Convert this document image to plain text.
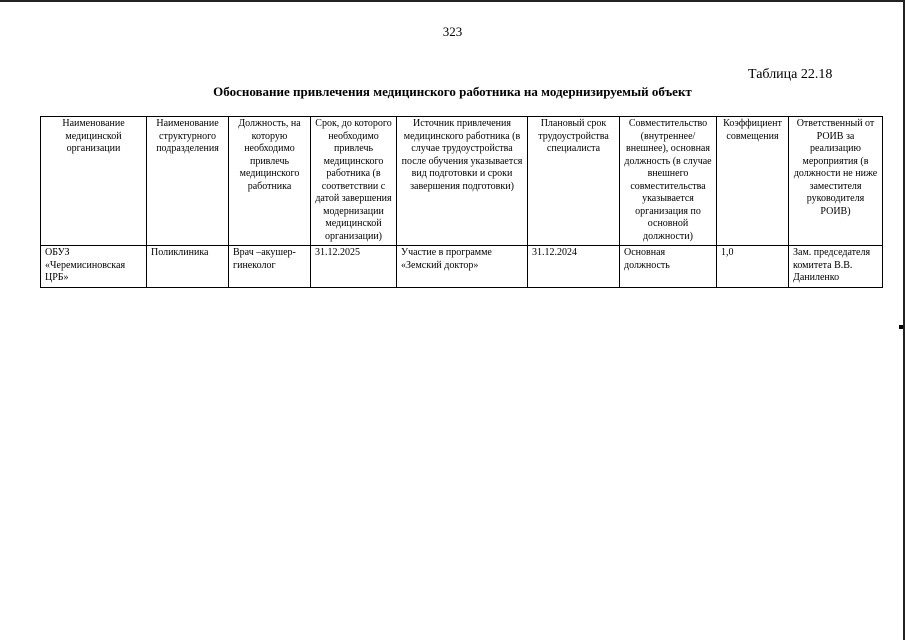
323
Таблица 22.18
Обоснование привлечения медицинского работника на модернизируемый объект
Наименование медицинской организации	Наименование структурного подразделения	Должность, на которую необходимо привлечь медицинского работника	Срок, до которого необходимо привлечь медицинского работника (в соответствии с датой завершения модернизации медицинской организации)	Источник привлечения медицинского работника (в случае трудоустройства после обучения указывается вид подготовки и сроки завершения подготовки)	Плановый срок трудоустройства специалиста	Совместительство (внутреннее/внешнее), основная должность (в случае внешнего совместительства указывается организация по основной должности)	Коэффициент совмещения	Ответственный от РОИВ за реализацию мероприятия (в должности не ниже заместителя руководителя РОИВ)
ОБУЗ «Черемисиновская ЦРБ»	Поликлиника	Врач –акушер-гинеколог	31.12.2025	Участие в программе «Земский доктор»	31.12.2024	Основная должность	1,0	Зам. председателя комитета В.В. Даниленко
